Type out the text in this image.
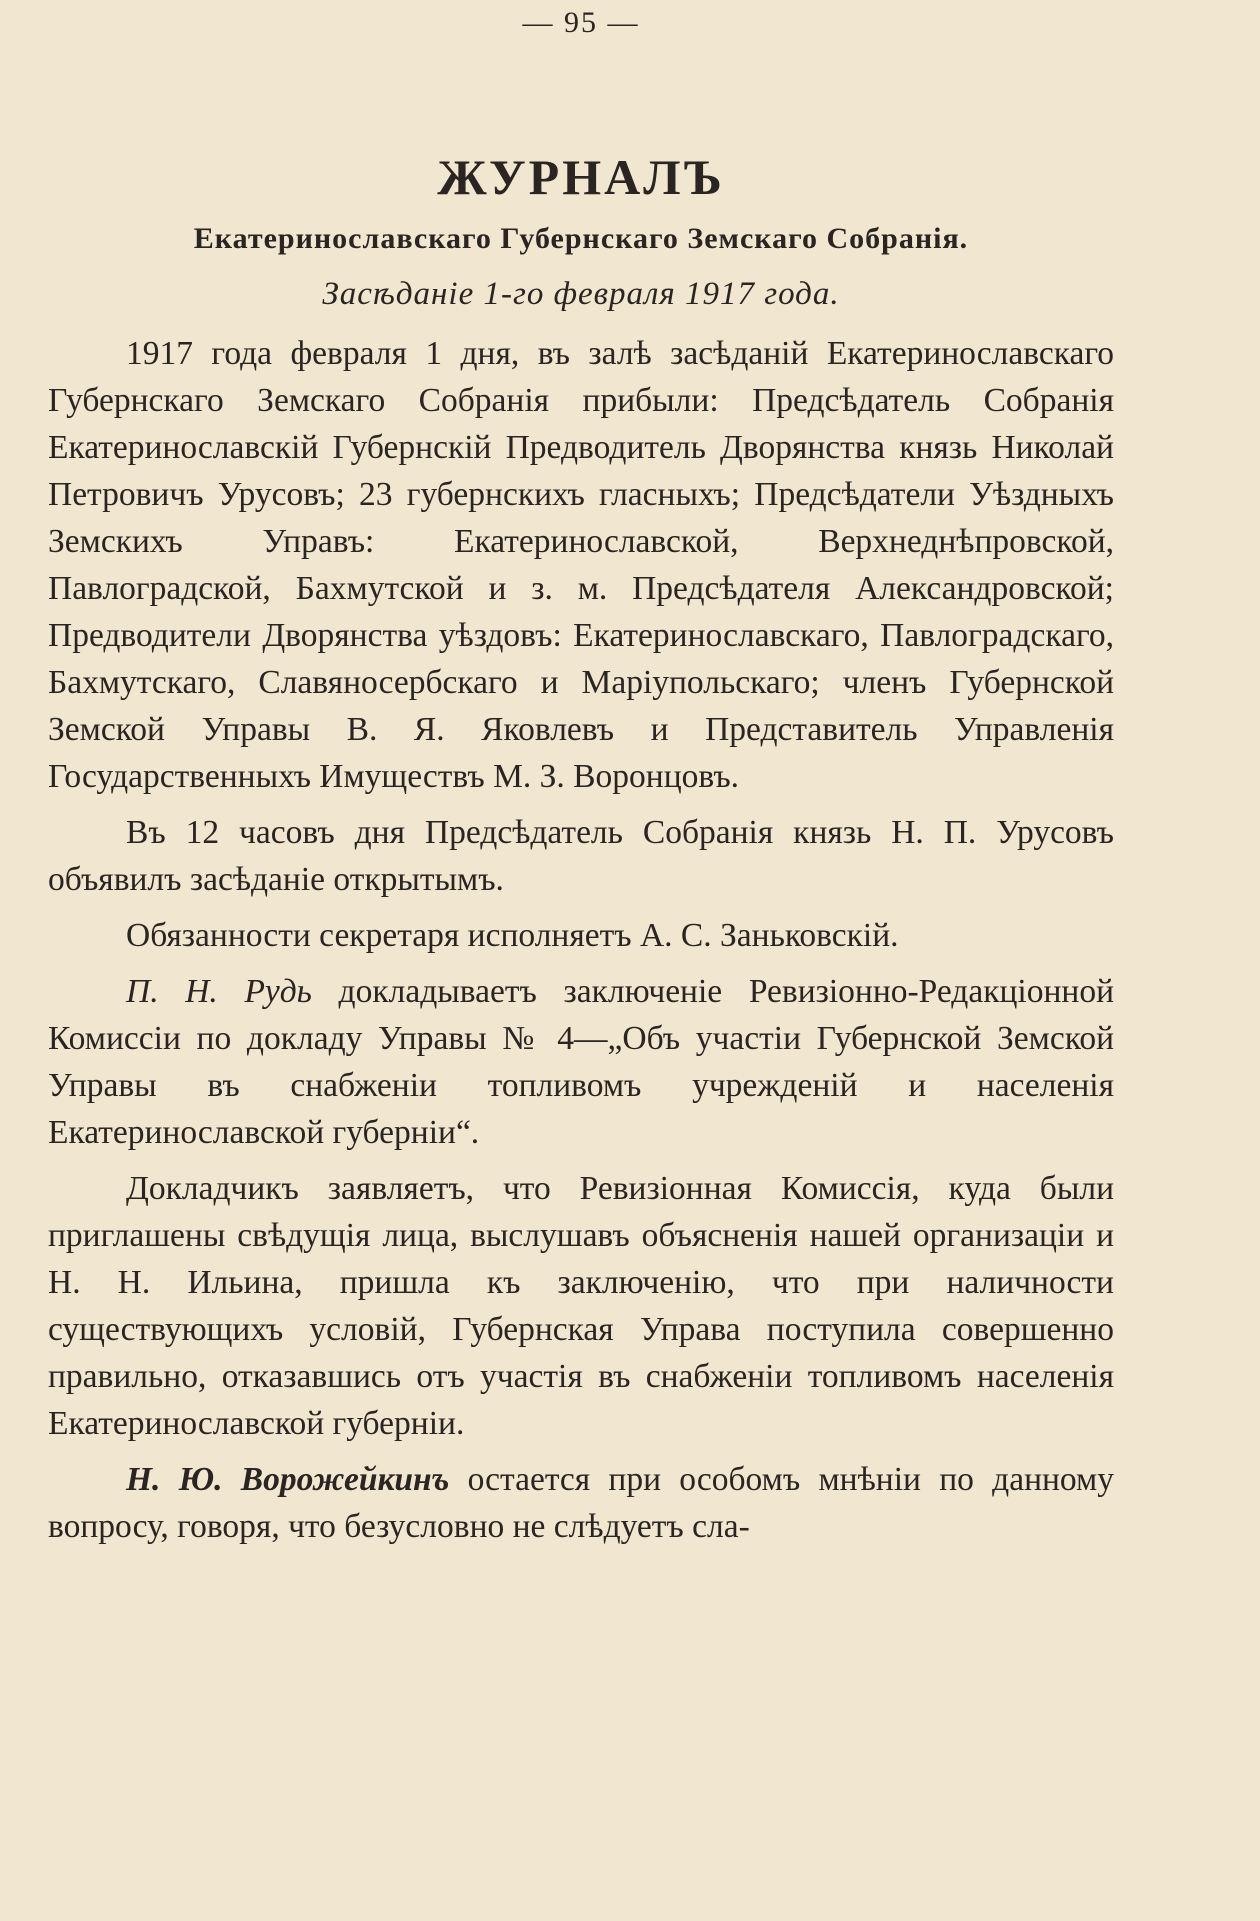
— 95 —
ЖУРНАЛЪ
Екатеринославскаго Губернскаго Земскаго Собранія.
Засѣданіе 1-го февраля 1917 года.

1917 года февраля 1 дня, въ залѣ засѣданій Екатеринославскаго Губернскаго Земскаго Собранія прибыли: Предсѣдатель Собранія Екатеринославскій Губернскій Предводитель Дворянства князь Николай Петровичъ Урусовъ; 23 губернскихъ гласныхъ; Предсѣдатели Уѣздныхъ Земскихъ Управъ: Екатеринославской, Верхнеднѣпровской, Павлоградской, Бахмутской и з. м. Предсѣдателя Александровской; Предводители Дворянства уѣздовъ: Екатеринославскаго, Павлоградскаго, Бахмутскаго, Славяносербскаго и Маріупольскаго; членъ Губернской Земской Управы В. Я. Яковлевъ и Представитель Управленія Государственныхъ Имуществъ М. З. Воронцовъ.

Въ 12 часовъ дня Предсѣдатель Собранія князь Н. П. Урусовъ объявилъ засѣданіе открытымъ.

Обязанности секретаря исполняетъ А. С. Заньковскій.

П. Н. Рудь докладываетъ заключеніе Ревизіонно-Редакціонной Комиссіи по докладу Управы № 4—„Объ участіи Губернской Земской Управы въ снабженіи топливомъ учрежденій и населенія Екатеринославской губерніи“.

Докладчикъ заявляетъ, что Ревизіонная Комиссія, куда были приглашены свѣдущія лица, выслушавъ объясненія нашей организаціи и Н. Н. Ильина, пришла къ заключенію, что при наличности существующихъ условій, Губернская Управа поступила совершенно правильно, отказавшись отъ участія въ снабженіи топливомъ населенія Екатеринославской губерніи.

Н. Ю. Ворожейкинъ остается при особомъ мнѣніи по данному вопросу, говоря, что безусловно не слѣдуетъ сла-
